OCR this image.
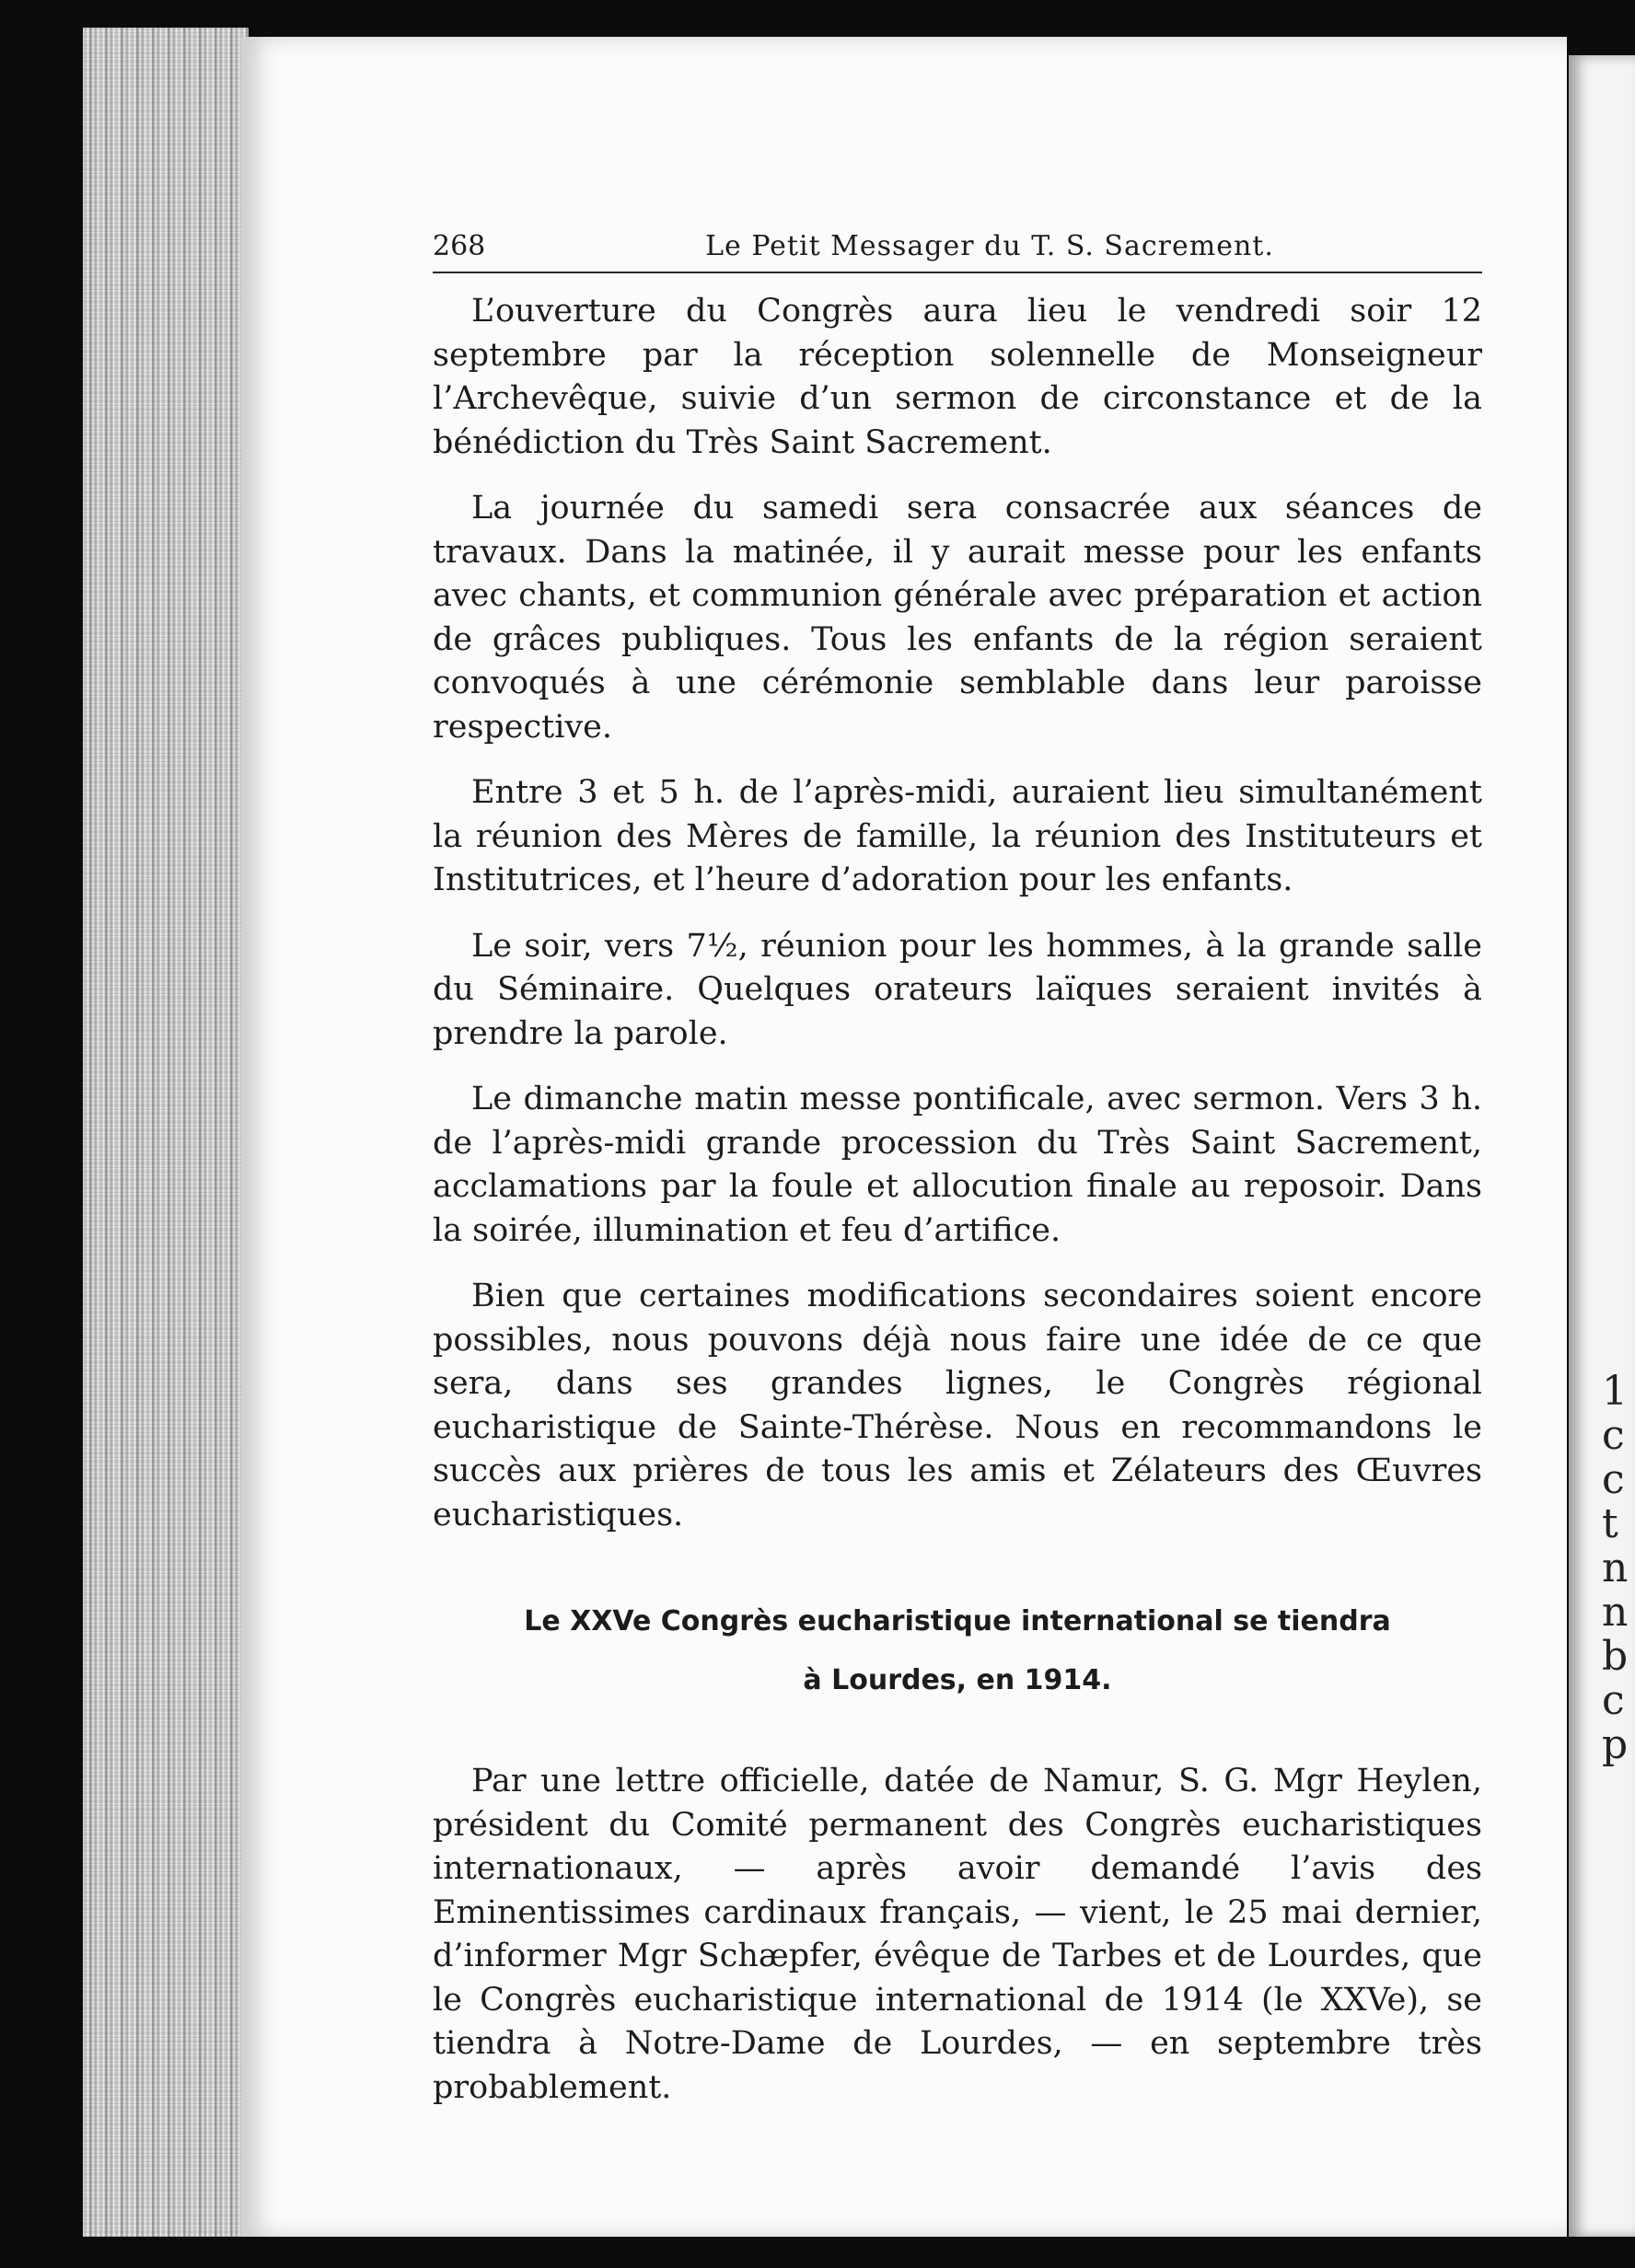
268	Le Petit Messager du T. S. Sacrement.

L’ouverture du Congrès aura lieu le vendredi soir 12 septembre par la réception solennelle de Monseigneur l’Archevêque, suivie d’un sermon de circonstance et de la bénédiction du Très Saint Sacrement.

La journée du samedi sera consacrée aux séances de travaux. Dans la matinée, il y aurait messe pour les enfants avec chants, et communion générale avec préparation et action de grâces publiques. Tous les enfants de la région seraient convoqués à une cérémonie semblable dans leur paroisse respective.

Entre 3 et 5 h. de l’après-midi, auraient lieu simultanément la réunion des Mères de famille, la réunion des Instituteurs et Institutrices, et l’heure d’adoration pour les enfants.

Le soir, vers 7½, réunion pour les hommes, à la grande salle du Séminaire. Quelques orateurs laïques seraient invités à prendre la parole.

Le dimanche matin messe pontificale, avec sermon. Vers 3 h. de l’après-midi grande procession du Très Saint Sacrement, acclamations par la foule et allocution finale au reposoir. Dans la soirée, illumination et feu d’artifice.

Bien que certaines modifications secondaires soient encore possibles, nous pouvons déjà nous faire une idée de ce que sera, dans ses grandes lignes, le Congrès régional eucharistique de Sainte-Thérèse. Nous en recommandons le succès aux prières de tous les amis et Zélateurs des Œuvres eucharistiques.

Le XXVe Congrès eucharistique international se tiendra
à Lourdes, en 1914.

Par une lettre officielle, datée de Namur, S. G. Mgr Heylen, président du Comité permanent des Congrès eucharistiques internationaux, — après avoir demandé l’avis des Eminentissimes cardinaux français, — vient, le 25 mai dernier, d’informer Mgr Schæpfer, évêque de Tarbes et de Lourdes, que le Congrès eucharistique international de 1914 (le XXVe), se tiendra à Notre-Dame de Lourdes, — en septembre très probablement.

1
c
c
t
n
n
b
c
p
